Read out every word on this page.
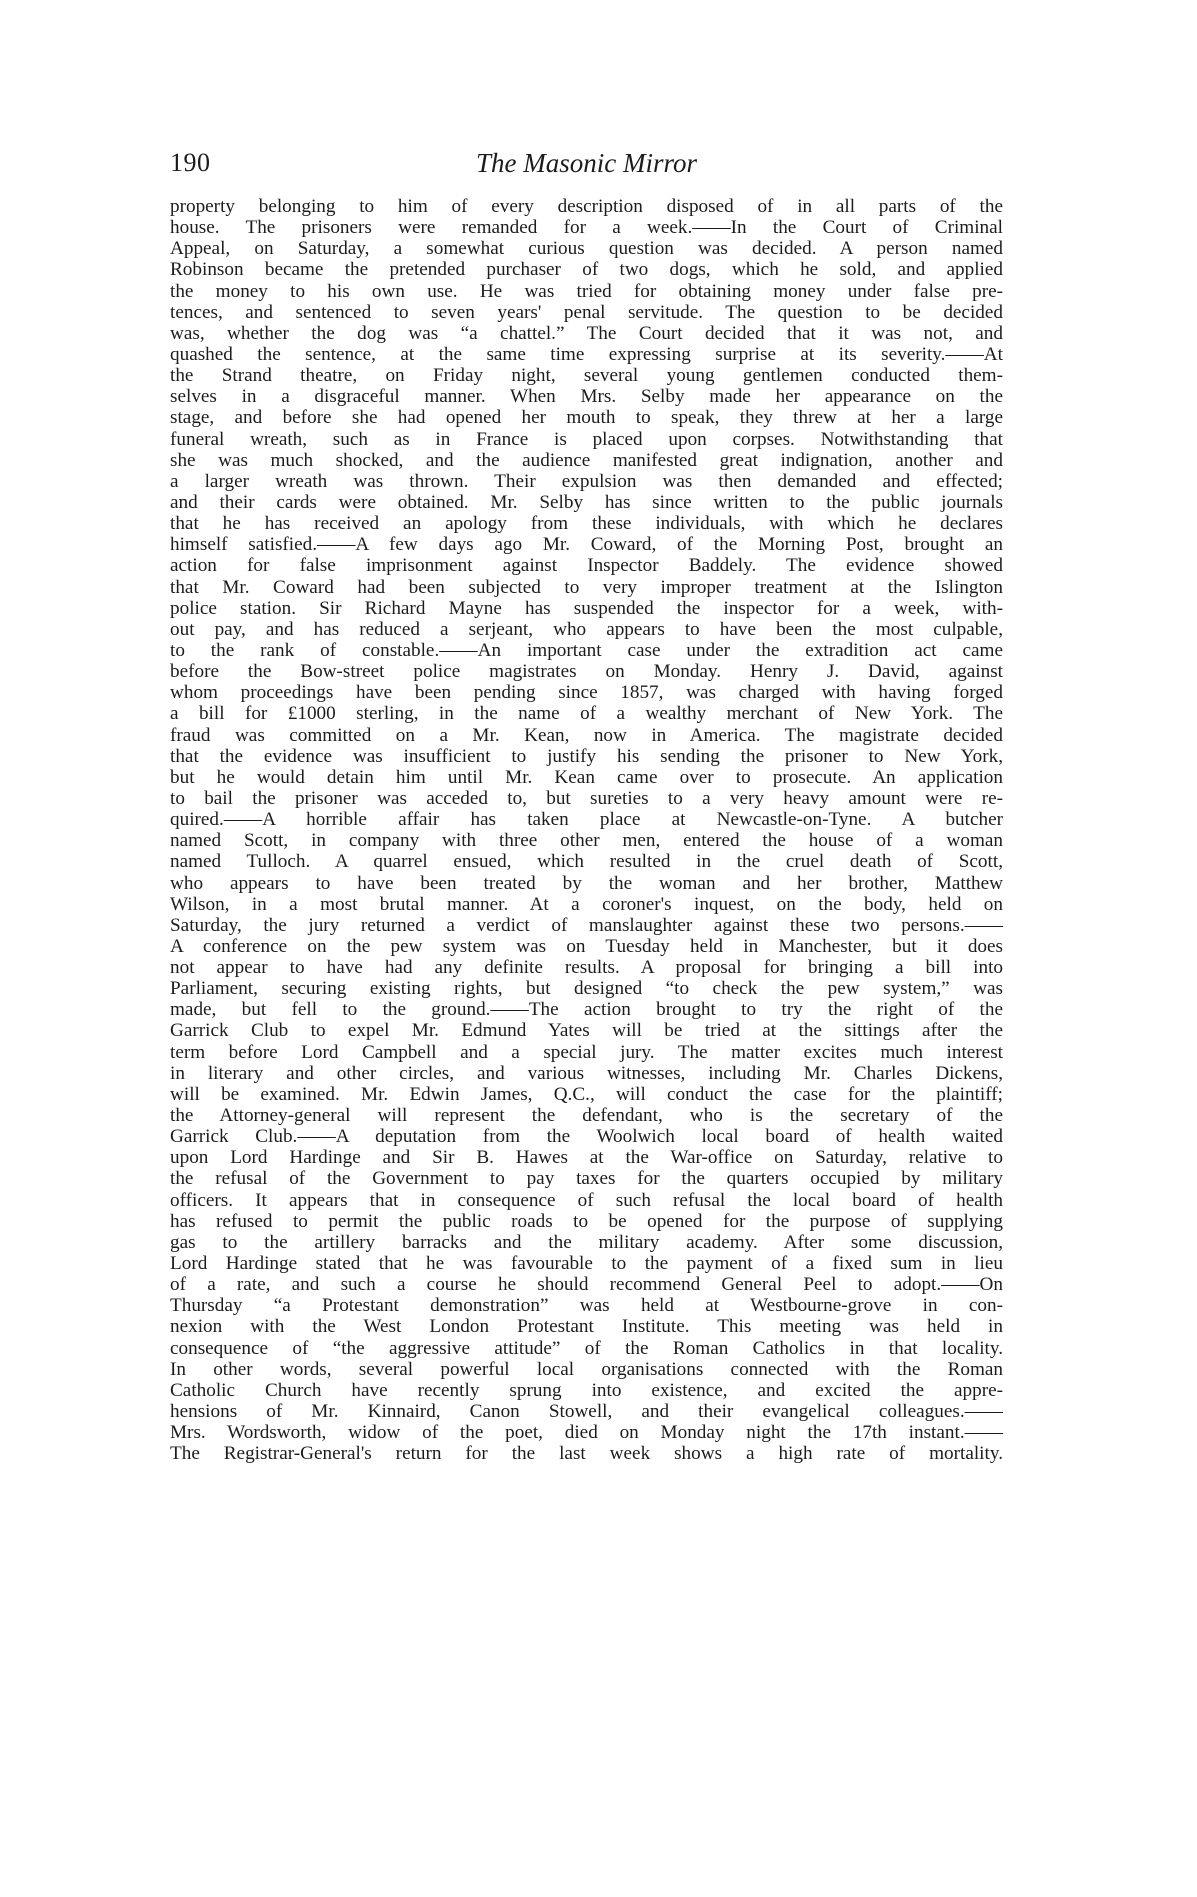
190	The Masonic Mirror
property belonging to him of every description disposed of in all parts of the
house. The prisoners were remanded for a week.——In the Court of Criminal
Appeal, on Saturday, a somewhat curious question was decided. A person named
Robinson became the pretended purchaser of two dogs, which he sold, and applied
the money to his own use. He was tried for obtaining money under false pre-
tences, and sentenced to seven years' penal servitude. The question to be decided
was, whether the dog was “a chattel.” The Court decided that it was not, and
quashed the sentence, at the same time expressing surprise at its severity.——At
the Strand theatre, on Friday night, several young gentlemen conducted them-
selves in a disgraceful manner. When Mrs. Selby made her appearance on the
stage, and before she had opened her mouth to speak, they threw at her a large
funeral wreath, such as in France is placed upon corpses. Notwithstanding that
she was much shocked, and the audience manifested great indignation, another and
a larger wreath was thrown. Their expulsion was then demanded and effected;
and their cards were obtained. Mr. Selby has since written to the public journals
that he has received an apology from these individuals, with which he declares
himself satisfied.——A few days ago Mr. Coward, of the Morning Post, brought an
action for false imprisonment against Inspector Baddely. The evidence showed
that Mr. Coward had been subjected to very improper treatment at the Islington
police station. Sir Richard Mayne has suspended the inspector for a week, with-
out pay, and has reduced a serjeant, who appears to have been the most culpable,
to the rank of constable.——An important case under the extradition act came
before the Bow-street police magistrates on Monday. Henry J. David, against
whom proceedings have been pending since 1857, was charged with having forged
a bill for £1000 sterling, in the name of a wealthy merchant of New York. The
fraud was committed on a Mr. Kean, now in America. The magistrate decided
that the evidence was insufficient to justify his sending the prisoner to New York,
but he would detain him until Mr. Kean came over to prosecute. An application
to bail the prisoner was acceded to, but sureties to a very heavy amount were re-
quired.——A horrible affair has taken place at Newcastle-on-Tyne. A butcher
named Scott, in company with three other men, entered the house of a woman
named Tulloch. A quarrel ensued, which resulted in the cruel death of Scott,
who appears to have been treated by the woman and her brother, Matthew
Wilson, in a most brutal manner. At a coroner's inquest, on the body, held on
Saturday, the jury returned a verdict of manslaughter against these two persons.——
A conference on the pew system was on Tuesday held in Manchester, but it does
not appear to have had any definite results. A proposal for bringing a bill into
Parliament, securing existing rights, but designed “to check the pew system,” was
made, but fell to the ground.——The action brought to try the right of the
Garrick Club to expel Mr. Edmund Yates will be tried at the sittings after the
term before Lord Campbell and a special jury. The matter excites much interest
in literary and other circles, and various witnesses, including Mr. Charles Dickens,
will be examined. Mr. Edwin James, Q.C., will conduct the case for the plaintiff;
the Attorney-general will represent the defendant, who is the secretary of the
Garrick Club.——A deputation from the Woolwich local board of health waited
upon Lord Hardinge and Sir B. Hawes at the War-office on Saturday, relative to
the refusal of the Government to pay taxes for the quarters occupied by military
officers. It appears that in consequence of such refusal the local board of health
has refused to permit the public roads to be opened for the purpose of supplying
gas to the artillery barracks and the military academy. After some discussion,
Lord Hardinge stated that he was favourable to the payment of a fixed sum in lieu
of a rate, and such a course he should recommend General Peel to adopt.——On
Thursday “a Protestant demonstration” was held at Westbourne-grove in con-
nexion with the West London Protestant Institute. This meeting was held in
consequence of “the aggressive attitude” of the Roman Catholics in that locality.
In other words, several powerful local organisations connected with the Roman
Catholic Church have recently sprung into existence, and excited the appre-
hensions of Mr. Kinnaird, Canon Stowell, and their evangelical colleagues.——
Mrs. Wordsworth, widow of the poet, died on Monday night the 17th instant.——
The Registrar-General's return for the last week shows a high rate of mortality.
